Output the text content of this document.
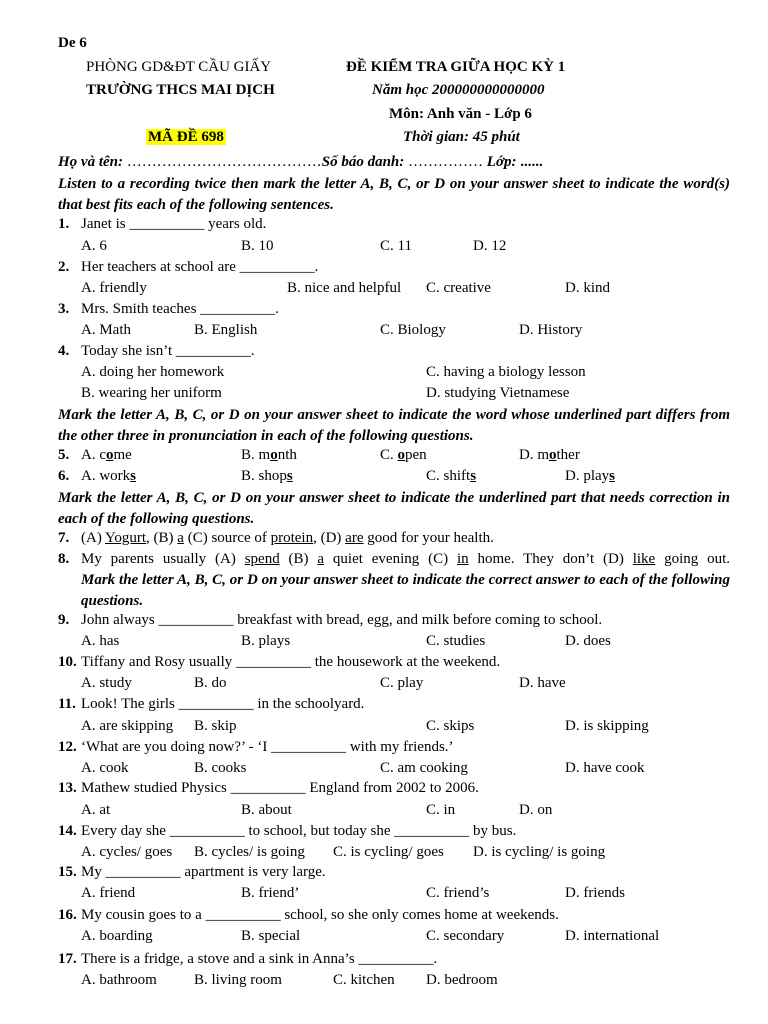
De 6
PHÒNG GD&ĐT CẦU GIẤY
TRƯỜNG THCS MAI DỊCH
MÃ ĐỀ 698
ĐỀ KIỂM TRA GIỮA HỌC KỲ 1
Năm học 200000000000000
Môn: Anh văn - Lớp 6
Thời gian: 45 phút
Họ và tên: …………………………………Số báo danh: …………… Lớp: ......
Listen to a recording twice then mark the letter A, B, C, or D on your answer sheet to indicate the word(s) that best fits each of the following sentences.
1. Janet is __________ years old.
A. 6	B. 10	C. 11	D. 12
2. Her teachers at school are __________.
A. friendly	B. nice and helpful C. creative	D. kind
3. Mrs. Smith teaches __________.
A. Math	B. English	C. Biology	D. History
4. Today she isn’t __________.
A. doing her homework	C. having a biology lesson
B. wearing her uniform	D. studying Vietnamese
Mark the letter A, B, C, or D on your answer sheet to indicate the word whose underlined part differs from the other three in pronunciation in each of the following questions.
5. A. come	B. month	C. open	D. mother
6. A. works	B. shops	C. shifts	D. plays
Mark the letter A, B, C, or D on your answer sheet to indicate the underlined part that needs correction in each of the following questions.
7. (A) Yogurt, (B) a (C) source of protein, (D) are good for your health.
8. My parents usually (A) spend (B) a quiet evening (C) in home. They don’t (D) like going out.
Mark the letter A, B, C, or D on your answer sheet to indicate the correct answer to each of the following questions.
9. John always __________ breakfast with bread, egg, and milk before coming to school.
A. has	B. plays	C. studies	D. does
10. Tiffany and Rosy usually __________ the housework at the weekend.
A. study	B. do	C. play	D. have
11. Look! The girls __________ in the schoolyard.
A. are skipping B. skip	C. skips	D. is skipping
12. ‘What are you doing now?’ - ‘I __________ with my friends.’
A. cook	B. cooks	C. am cooking	D. have cook
13. Mathew studied Physics __________ England from 2002 to 2006.
A. at	B. about	C. in	D. on
14. Every day she __________ to school, but today she __________ by bus.
A. cycles/ goes B. cycles/ is going C. is cycling/ goes D. is cycling/ is going
15. My __________ apartment is very large.
A. friend	B. friend’	C. friend’s	D. friends
16. My cousin goes to a __________ school, so she only comes home at weekends.
A. boarding	B. special	C. secondary	D. international
17. There is a fridge, a stove and a sink in Anna’s __________.
A. bathroom B. living room	C. kitchen D. bedroom
